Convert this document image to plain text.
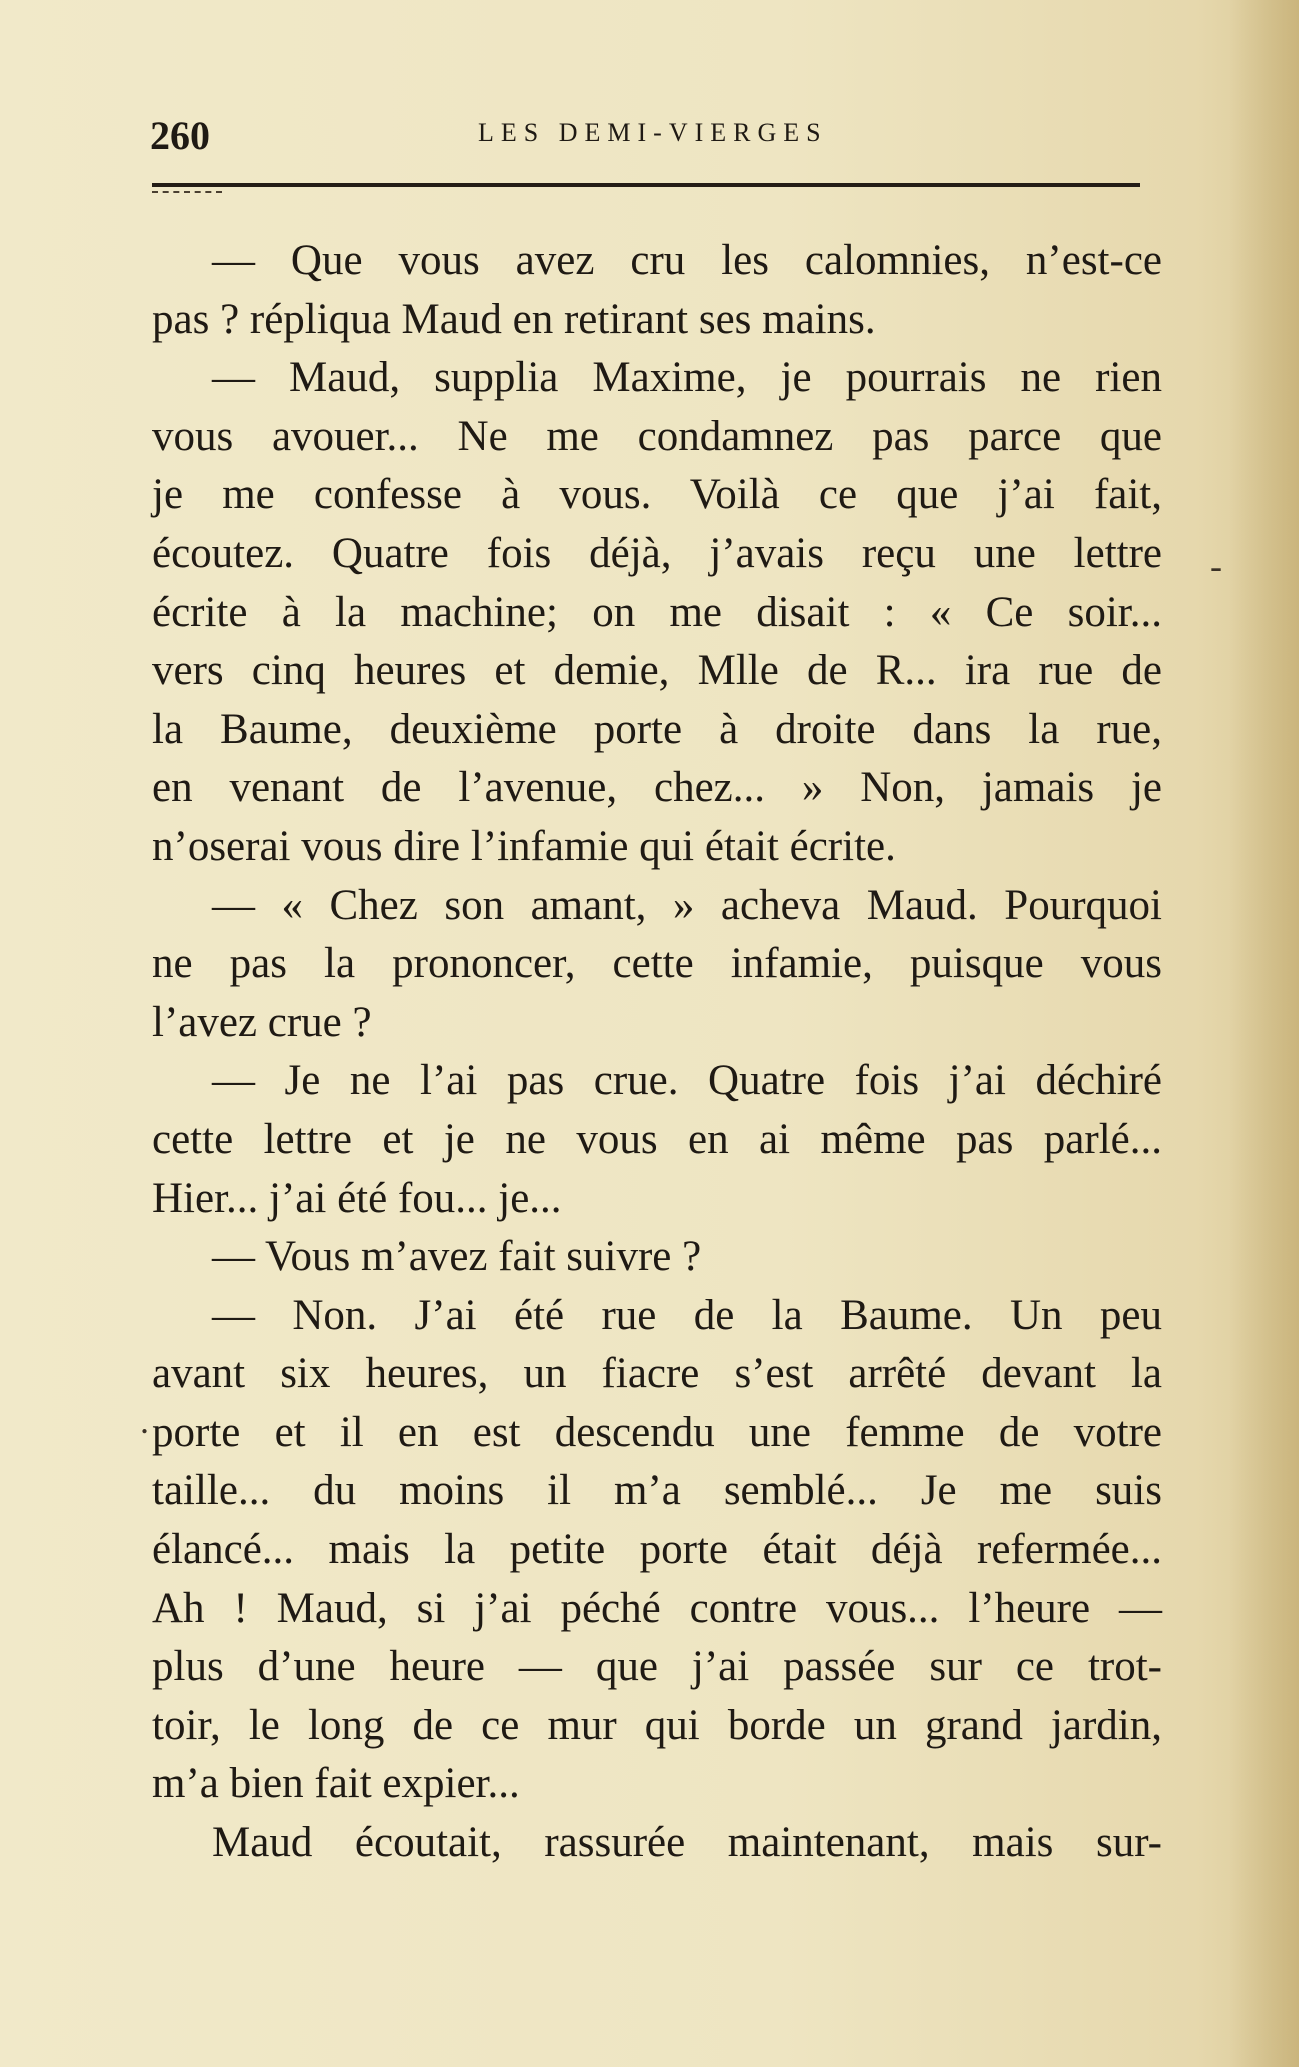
260	LES DEMI-VIERGES
— Que vous avez cru les calomnies, n’est-ce
pas ? répliqua Maud en retirant ses mains.
— Maud, supplia Maxime, je pourrais ne rien
vous avouer... Ne me condamnez pas parce que
je me confesse à vous. Voilà ce que j’ai fait,
écoutez. Quatre fois déjà, j’avais reçu une lettre
écrite à la machine; on me disait : « Ce soir...
vers cinq heures et demie, Mlle de R... ira rue de
la Baume, deuxième porte à droite dans la rue,
en venant de l’avenue, chez... » Non, jamais je
n’oserai vous dire l’infamie qui était écrite.
— « Chez son amant, » acheva Maud. Pourquoi
ne pas la prononcer, cette infamie, puisque vous
l’avez crue ?
— Je ne l’ai pas crue. Quatre fois j’ai déchiré
cette lettre et je ne vous en ai même pas parlé...
Hier... j’ai été fou... je...
— Vous m’avez fait suivre ?
— Non. J’ai été rue de la Baume. Un peu
avant six heures, un fiacre s’est arrêté devant la
porte et il en est descendu une femme de votre
taille... du moins il m’a semblé... Je me suis
élancé... mais la petite porte était déjà refermée...
Ah ! Maud, si j’ai péché contre vous... l’heure —
plus d’une heure — que j’ai passée sur ce trot-
toir, le long de ce mur qui borde un grand jardin,
m’a bien fait expier...
Maud écoutait, rassurée maintenant, mais sur-
-
.
